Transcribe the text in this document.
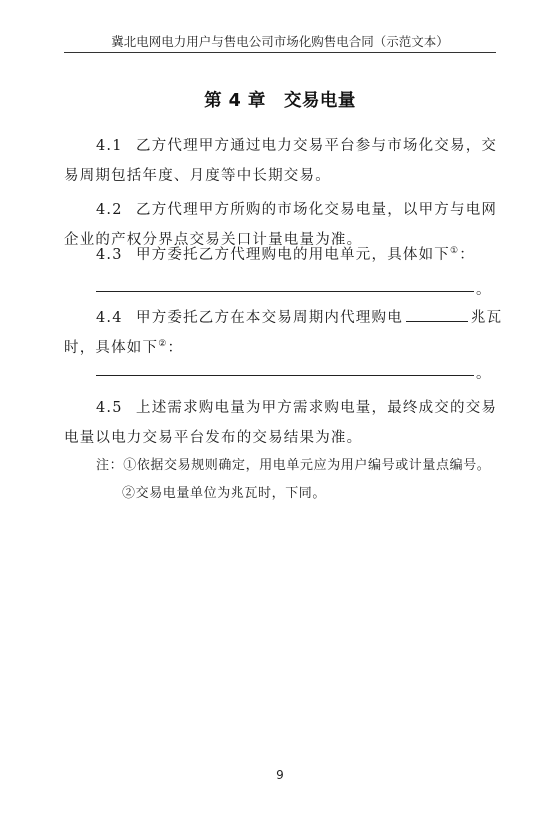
冀北电网电力用户与售电公司市场化购售电合同（示范文本）
第 4 章 交易电量
4.1 乙方代理甲方通过电力交易平台参与市场化交易，交
易周期包括年度、月度等中长期交易。
4.2 乙方代理甲方所购的市场化交易电量，以甲方与电网
企业的产权分界点交易关口计量电量为准。
4.3 甲方委托乙方代理购电的用电单元，具体如下①：
。
4.4 甲方委托乙方在本交易周期内代理购电	兆瓦
时，具体如下②：
。
4.5 上述需求购电量为甲方需求购电量，最终成交的交易
电量以电力交易平台发布的交易结果为准。
注：①依据交易规则确定，用电单元应为用户编号或计量点编号。
②交易电量单位为兆瓦时，下同。
9
